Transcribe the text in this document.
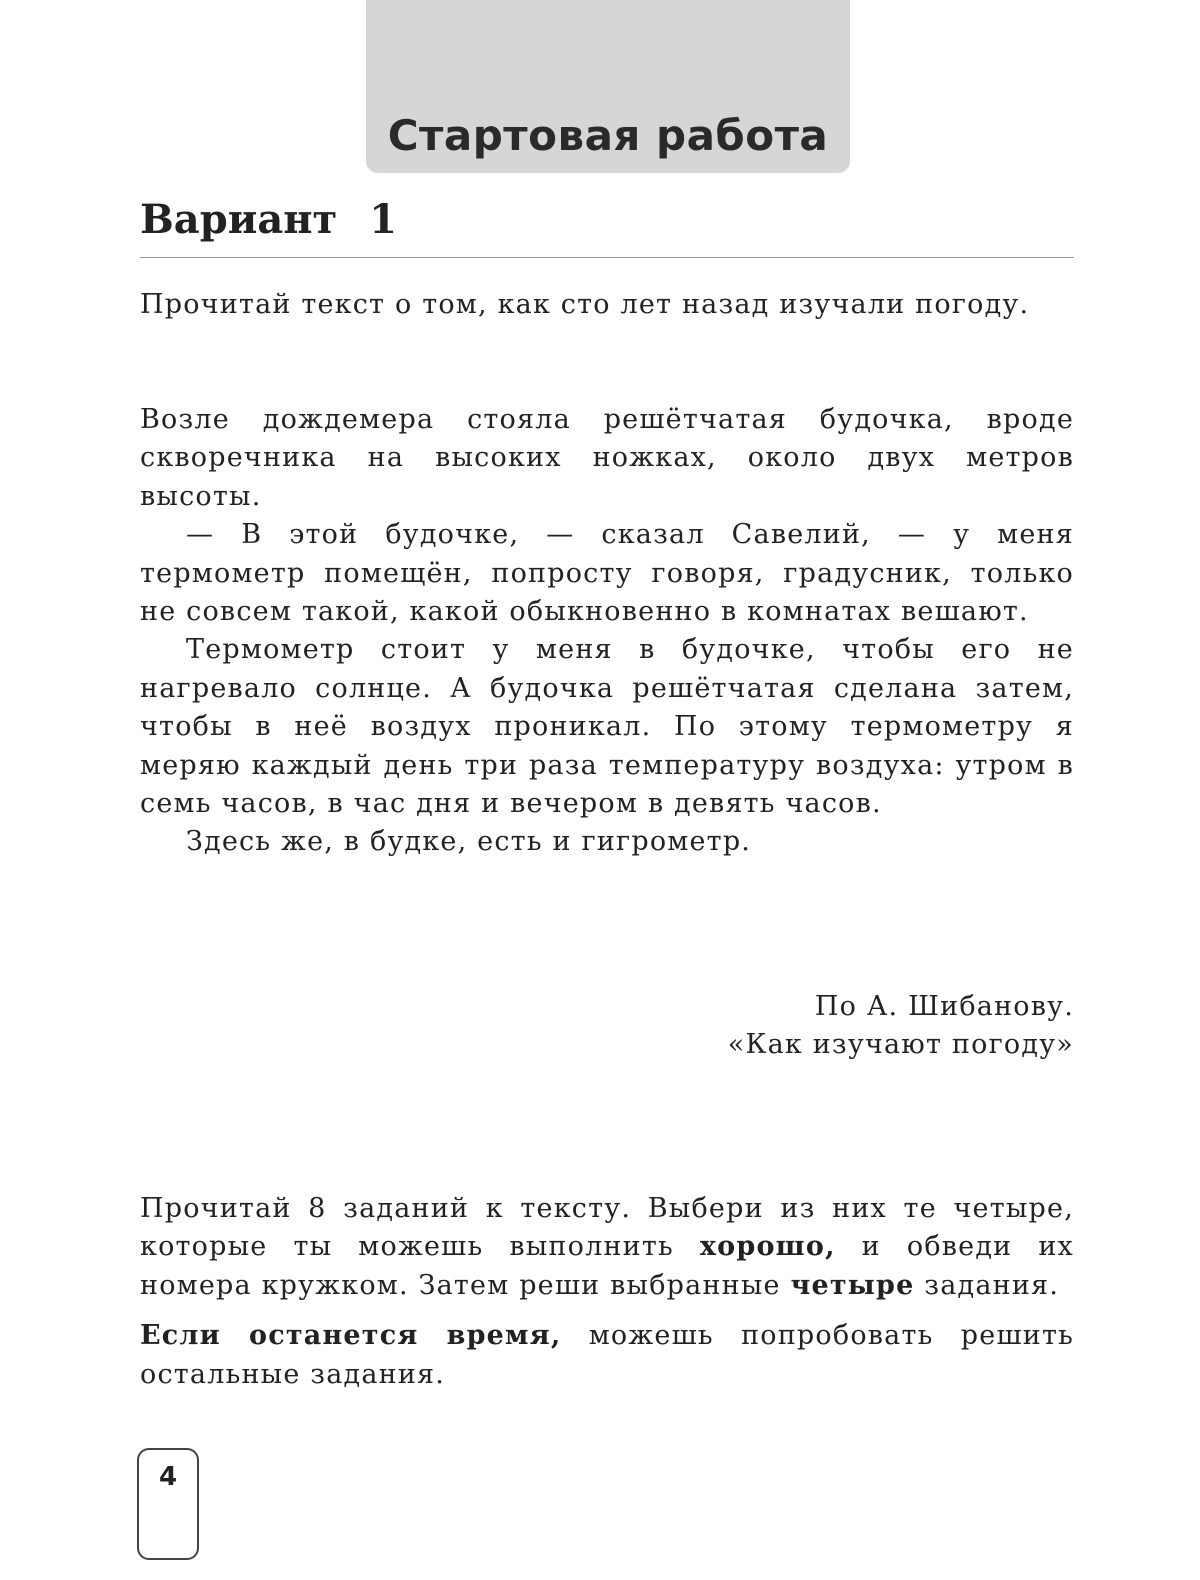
Стартовая работа
Вариант 1

Прочитай текст о том, как сто лет назад изучали погоду.

Возле дождемера стояла решётчатая будочка, вроде скворечника на высоких ножках, около двух метров высоты.

— В этой будочке, — сказал Савелий, — у меня термометр помещён, попросту говоря, градусник, только не совсем такой, какой обыкновенно в комнатах вешают.

Термометр стоит у меня в будочке, чтобы его не нагревало солнце. А будочка решётчатая сделана затем, чтобы в неё воздух проникал. По этому термометру я меряю каждый день три раза температуру воздуха: утром в семь часов, в час дня и вечером в девять часов.

Здесь же, в будке, есть и гигрометр.

По А. Шибанову.

«Как изучают погоду»

Прочитай 8 заданий к тексту. Выбери из них те четыре, которые ты можешь выполнить хорошо, и обведи их номера кружком. Затем реши выбранные четыре задания.

Если останется время, можешь попробовать решить остальные задания.

4
